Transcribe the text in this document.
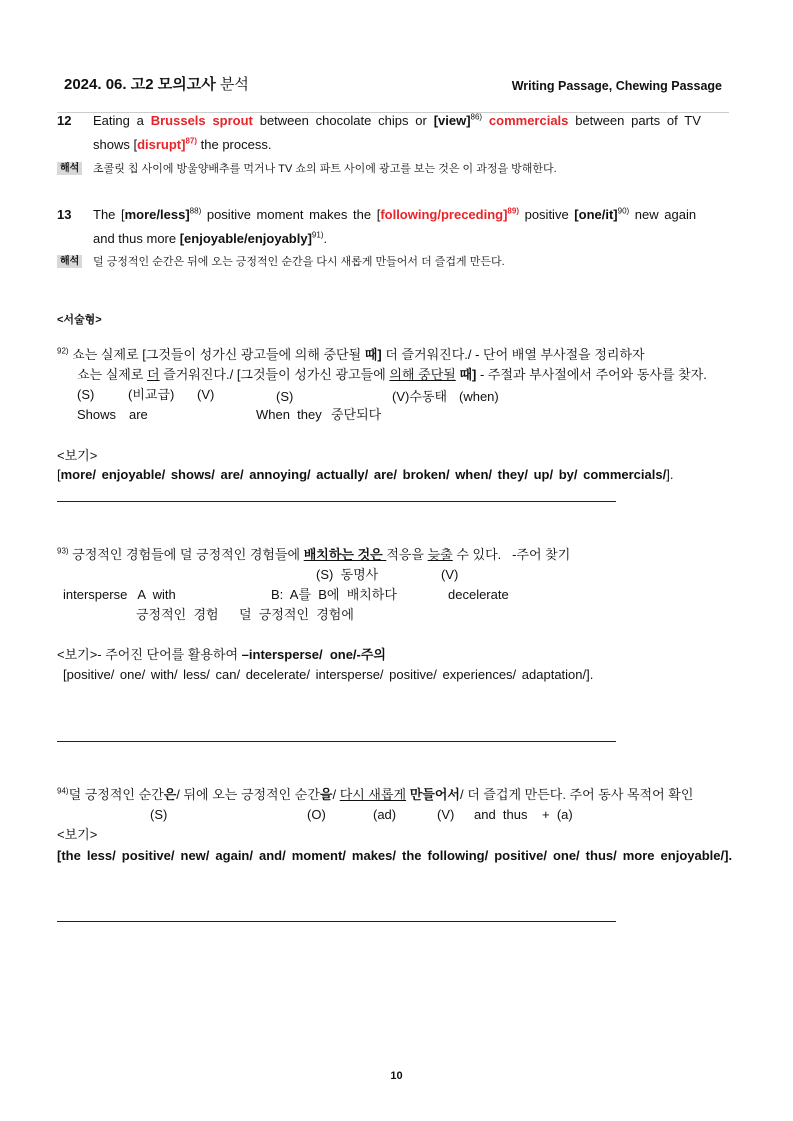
2024. 06. 고2 모의고사 분석	Writing Passage, Chewing Passage
12 Eating a Brussels sprout between chocolate chips or [view]$^{86)}$ commercials between parts of TV
shows [disrupt]$^{87)}$ the process.
해석 초콜릿 칩 사이에 방울양배추를 먹거나 TV 쇼의 파트 사이에 광고를 보는 것은 이 과정을 방해한다.
13 The [more/less]$^{88)}$ positive moment makes the [following/preceding]$^{89)}$ positive $[one/it]^{90)}$ new again
and thus more [enjoyable/enjoyably]$^{91)}$.
해석 덜 긍정적인 순간은 뒤에 오는 긍정적인 순간을 다시 새롭게 만들어서 더 즐겁게 만든다.
<서술형>
$^{92)}$ 쇼는 실제로 [그것들이 성가신 광고들에 의해 중단될 때] 더 즐거워진다./ - 단어 배열 부사절을 정리하자
쇼는 실제로 더 즐거워진다./ [그것들이 성가신 광고들에 의해 중단될 때] - 주절과 부사절에서 주어와 동사를 찾자.
(S)	(비교급) (V)	(S)	(V)수동태 (when)
Shows are	When  they 중단되다
<보기>
[more/ enjoyable/ shows/ are/ annoying/ actually/ are/ broken/ when/ they/ up/ by/ commercials/].
$^{93)}$ 긍정적인 경험들에 덜 긍정적인 경험들에 배치하는 것은 적응을 늦출 수 있다.   -주어 찾기
(S)  동명사	(V)
intersperse   A  with	B:  A를  B에  배치하다	decelerate
긍정적인  경험 덜  긍정적인  경험에
<보기>- 주어진 단어를 활용하여 –intersperse/  one/-주의
[positive/ one/ with/ less/ can/ decelerate/ intersperse/ positive/ experiences/ adaptation/].
$^{94)}$덜 긍정적인 순간은/ 뒤에 오는 긍정적인 순간을/ 다시 새롭게 만들어서/ 더 즐겁게 만든다. 주어 동사 목적어 확인
(S)	(O)	(ad)	(V) and  thus +  (a)
<보기>
[the less/ positive/ new/ again/ and/ moment/ makes/ the following/ positive/ one/ thus/ more enjoyable/].
10
